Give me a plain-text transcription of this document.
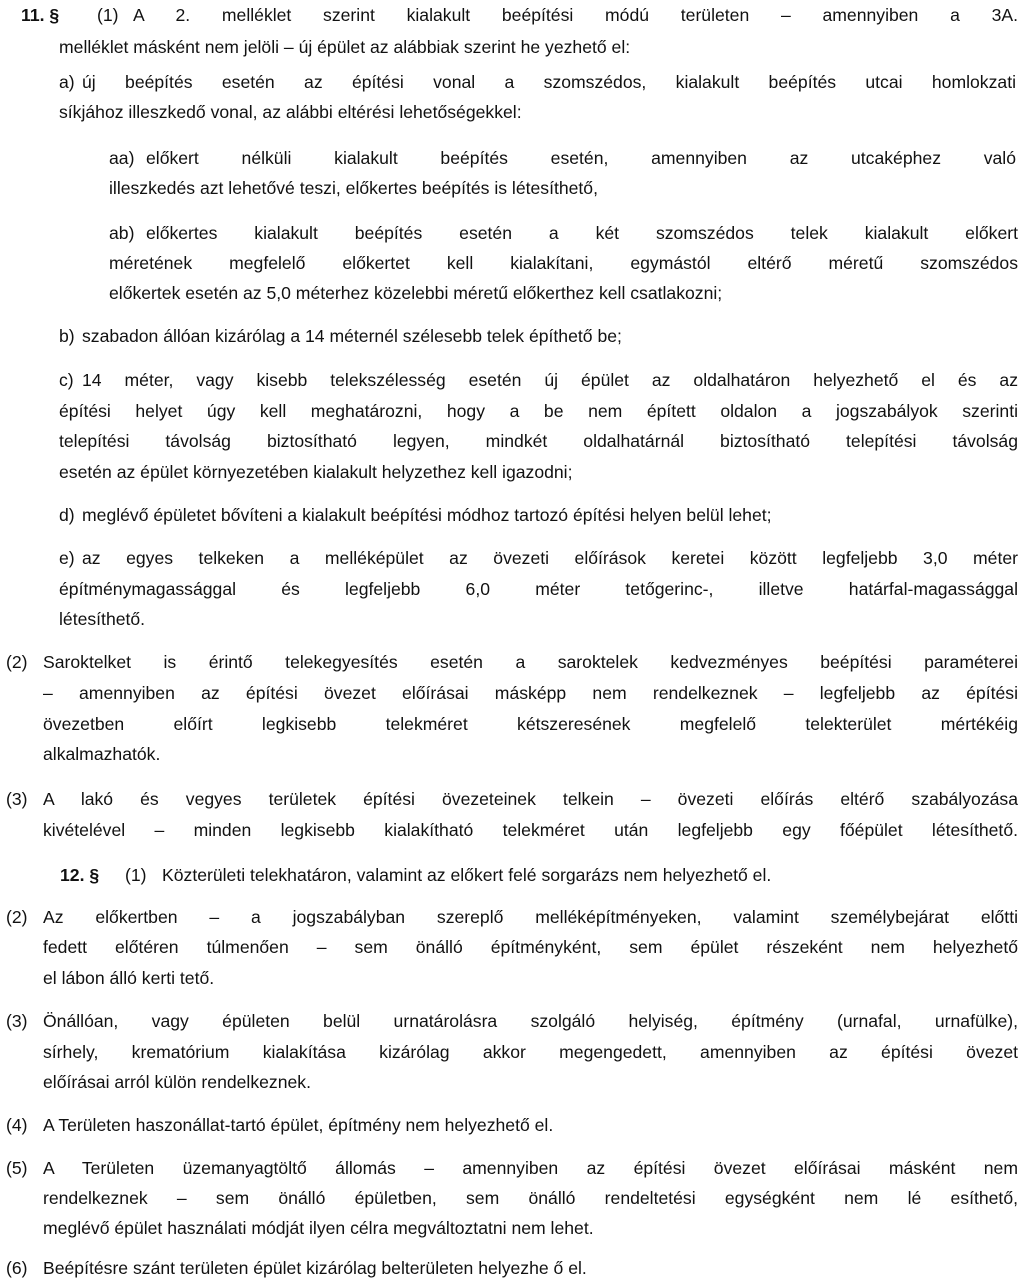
11. § (1) A 2. melléklet szerint kialakult beépítési módú területen – amennyiben a 3A.
melléklet másként nem jelöli – új épület az alábbiak szerint he yezhető el:
a) új beépítés esetén az építési vonal a szomszédos, kialakult beépítés utcai homlokzati
síkjához illeszkedő vonal, az alábbi eltérési lehetőségekkel:
aa) előkert nélküli kialakult beépítés esetén, amennyiben az utcaképhez való
illeszkedés azt lehetővé teszi, előkertes beépítés is létesíthető,
ab) előkertes kialakult beépítés esetén a két szomszédos telek kialakult előkert
méretének megfelelő előkertet kell kialakítani, egymástól eltérő méretű szomszédos
előkertek esetén az 5,0 méterhez közelebbi méretű előkerthez kell csatlakozni;
b) szabadon állóan kizárólag a 14 méternél szélesebb telek építhető be;
c) 14 méter, vagy kisebb telekszélesség esetén új épület az oldalhatáron helyezhető el és az
építési helyet úgy kell meghatározni, hogy a be nem épített oldalon a jogszabályok szerinti
telepítési távolság biztosítható legyen, mindkét oldalhatárnál biztosítható telepítési távolság
esetén az épület környezetében kialakult helyzethez kell igazodni;
d) meglévő épületet bővíteni a kialakult beépítési módhoz tartozó építési helyen belül lehet;
e) az egyes telkeken a melléképület az övezeti előírások keretei között legfeljebb 3,0 méter
építménymagassággal és legfeljebb 6,0 méter tetőgerinc-, illetve határfal-magassággal
létesíthető.
(2) Saroktelket is érintő telekegyesítés esetén a saroktelek kedvezményes beépítési paraméterei
– amennyiben az építési övezet előírásai másképp nem rendelkeznek – legfeljebb az építési
övezetben előírt legkisebb telekméret kétszeresének megfelelő telekterület mértékéig
alkalmazhatók.
(3) A lakó és vegyes területek építési övezeteinek telkein – övezeti előírás eltérő szabályozása
kivételével – minden legkisebb kialakítható telekméret után legfeljebb egy főépület létesíthető.
12. § (1) Közterületi telekhatáron, valamint az előkert felé sorgarázs nem helyezhető el.
(2) Az előkertben – a jogszabályban szereplő melléképítményeken, valamint személybejárat előtti
fedett előtéren túlmenően – sem önálló építményként, sem épület részeként nem helyezhető
el lábon álló kerti tető.
(3) Önállóan, vagy épületen belül urnatárolásra szolgáló helyiség, építmény (urnafal, urnafülke),
sírhely, krematórium kialakítása kizárólag akkor megengedett, amennyiben az építési övezet
előírásai arról külön rendelkeznek.
(4) A Területen haszonállat-tartó épület, építmény nem helyezhető el.
(5) A Területen üzemanyagtöltő állomás – amennyiben az építési övezet előírásai másként nem
rendelkeznek – sem önálló épületben, sem önálló rendeltetési egységként nem lé esíthető,
meglévő épület használati módját ilyen célra megváltoztatni nem lehet.
(6) Beépítésre szánt területen épület kizárólag belterületen helyezhe ő el.
